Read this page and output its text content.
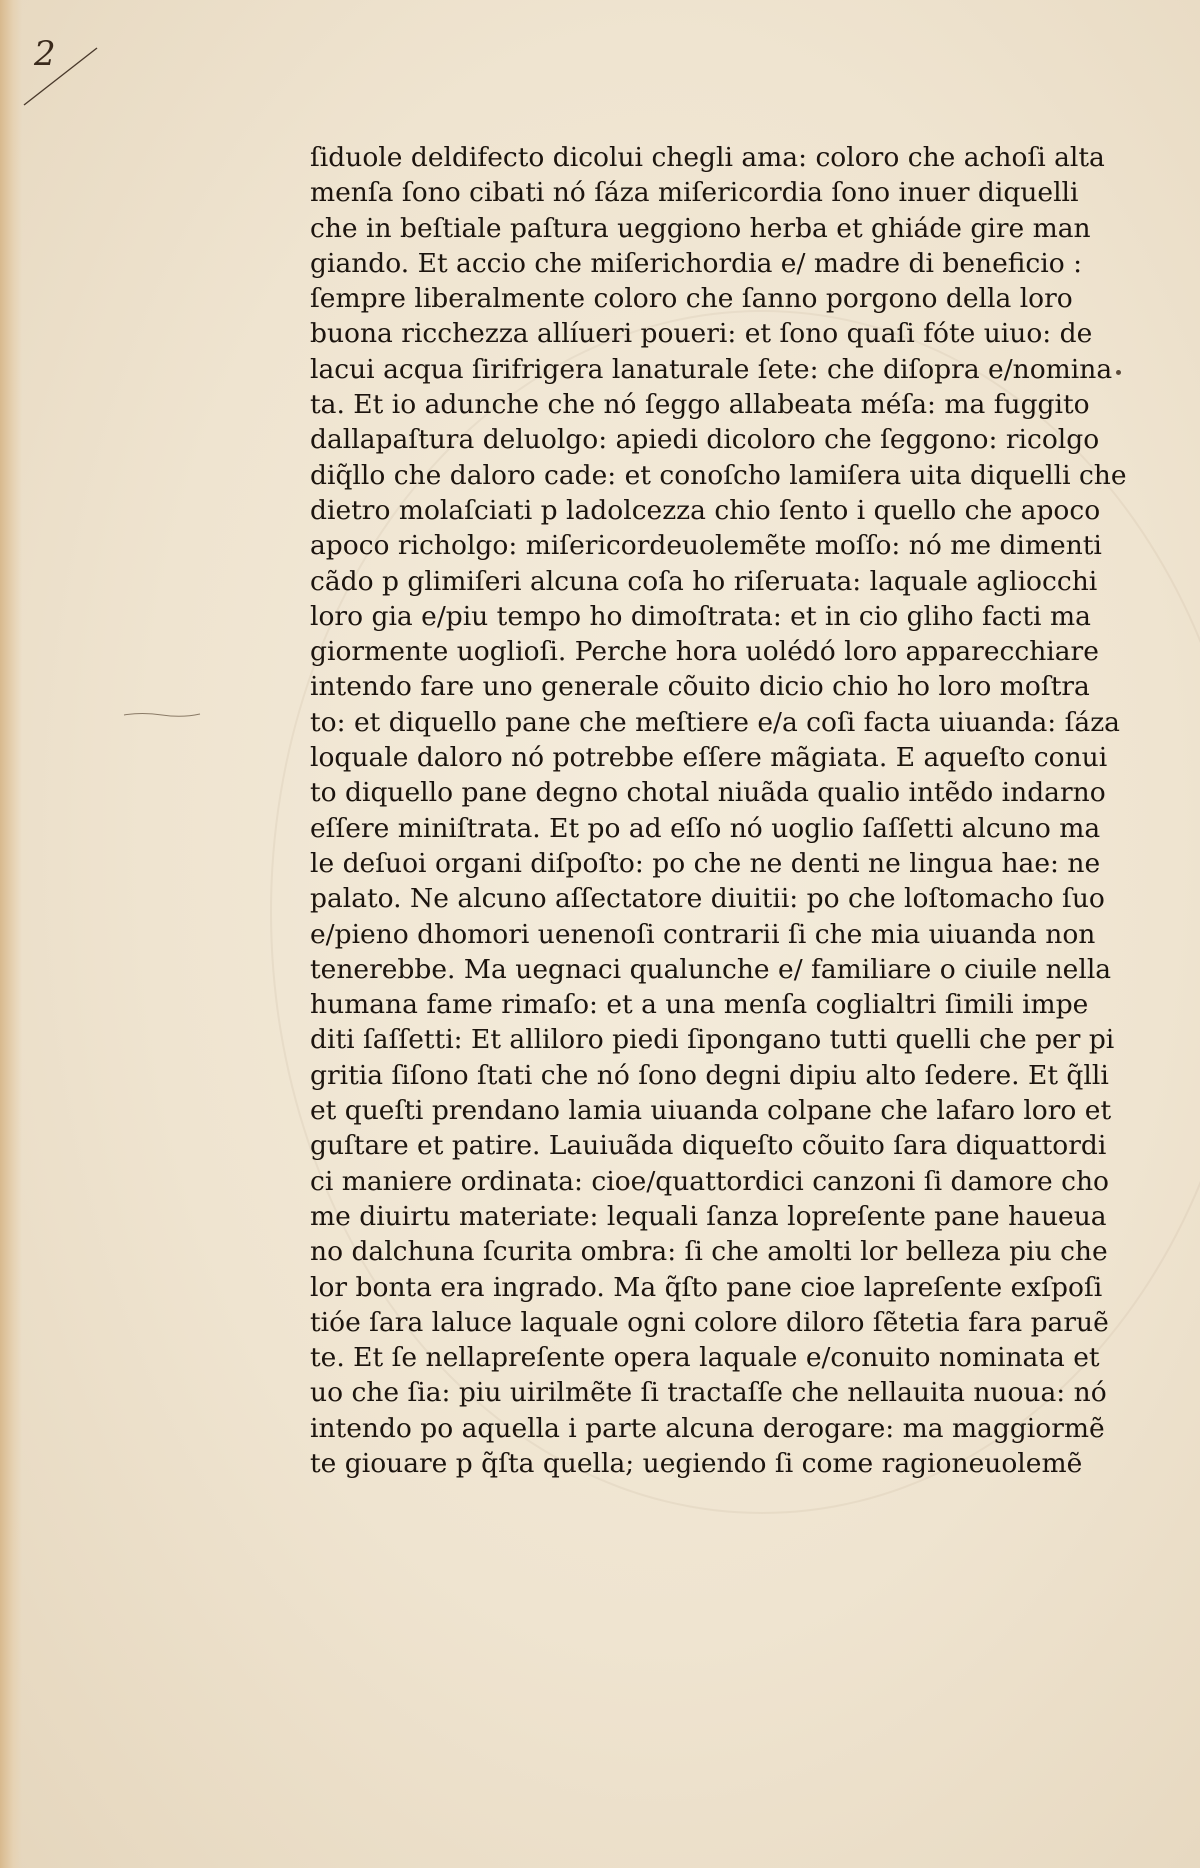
2
ſiduole deldifecto dicolui chegli ama: coloro che achoſi alta
menſa ſono cibati nó ſáza miſericordia ſono inuer diquelli
che in beſtiale paſtura ueggiono herba et ghiáde gire man
giando. Et accio che miſerichordia e/ madre di beneficio :
ſempre liberalmente coloro che ſanno porgono della loro
buona ricchezza allíueri poueri: et ſono quaſi fóte uiuo: de
lacui acqua ſirifrigera lanaturale ſete: che diſopra e/nomina
ta. Et io adunche che nó ſeggo allabeata méſa: ma fuggito
dallapaſtura deluolgo: apiedi dicoloro che ſeggono: ricolgo
diq̃llo che daloro cade: et conoſcho lamiſera uita diquelli che
dietro molaſciati p ladolcezza chio ſento i quello che apoco
apoco richolgo: miſericordeuolemẽte moſſo: nó me dimenti
cãdo p glimiſeri alcuna coſa ho riſeruata: laquale agliocchi
loro gia e/piu tempo ho dimoſtrata: et in cio gliho facti ma
giormente uoglioſi. Perche hora uolédó loro apparecchiare
intendo fare uno generale cõuito dicio chio ho loro moſtra
to: et diquello pane che meſtiere e/a coſi facta uiuanda: ſáza
loquale daloro nó potrebbe eſſere mãgiata. E aqueſto conui
to diquello pane degno chotal niuãda qualio intẽdo indarno
eſſere miniſtrata. Et po ad eſſo nó uoglio ſaſſetti alcuno ma
le deſuoi organi diſpoſto: po che ne denti ne lingua hae: ne
palato. Ne alcuno aſſectatore diuitii: po che loſtomacho ſuo
e/pieno dhomori uenenoſi contrarii ſi che mia uiuanda non
tenerebbe. Ma uegnaci qualunche e/ familiare o ciuile nella
humana fame rimaſo: et a una menſa coglialtri ſimili impe
diti ſaſſetti: Et alliloro piedi ſipongano tutti quelli che per pi
gritia ſiſono ſtati che nó ſono degni dipiu alto ſedere. Et q̃lli
et queſti prendano lamia uiuanda colpane che lafaro loro et
guſtare et patire. Lauiuãda diqueſto cõuito ſara diquattordi
ci maniere ordinata: cioe/quattordici canzoni ſi damore cho
me diuirtu materiate: lequali ſanza lopreſente pane haueua
no dalchuna ſcurita ombra: ſi che amolti lor belleza piu che
lor bonta era ingrado. Ma q̃ſto pane cioe lapreſente exſpoſi
tióe ſara laluce laquale ogni colore diloro ſẽtetia fara paruẽ
te. Et ſe nellapreſente opera laquale e/conuito nominata et
uo che ſia: piu uirilmẽte ſi tractaſſe che nellauita nuoua: nó
intendo po aquella i parte alcuna derogare: ma maggiormẽ
te giouare p q̃ſta quella; uegiendo ſi come ragioneuolemẽ
